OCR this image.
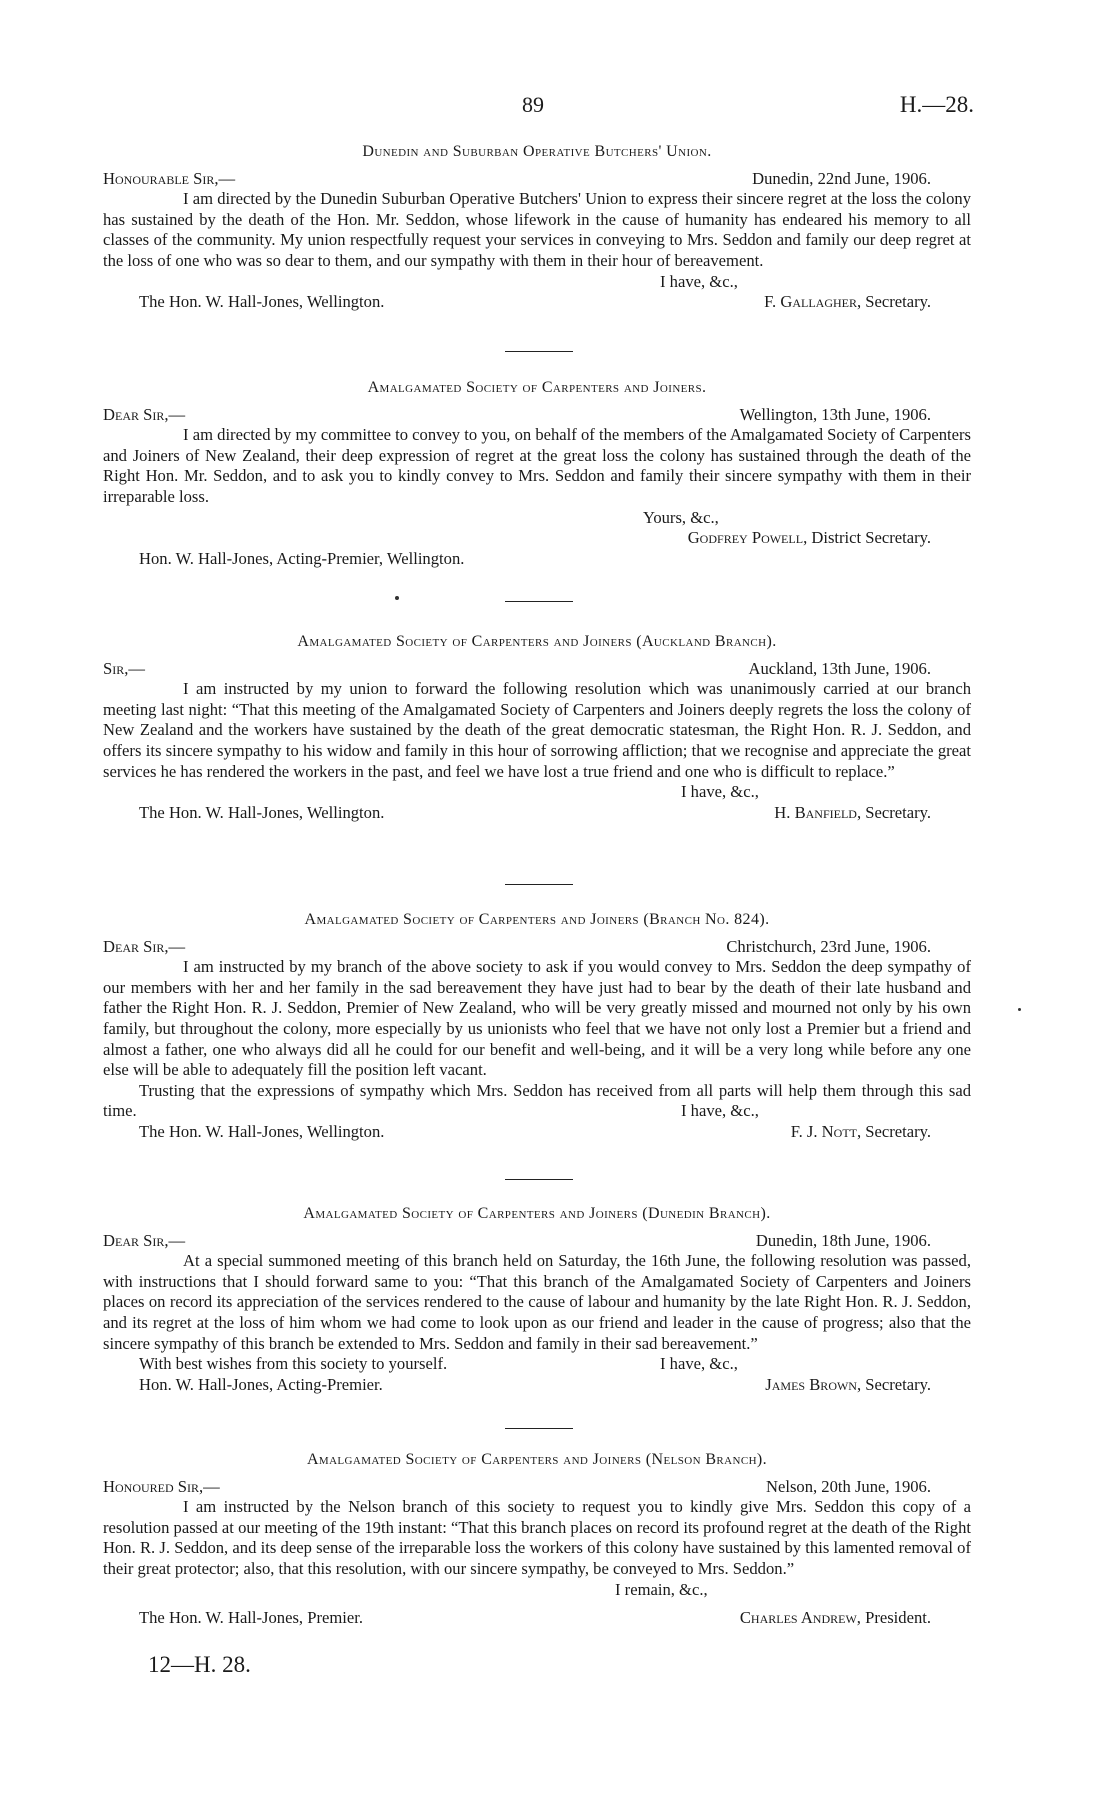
89	H.—28.
Dunedin and Suburban Operative Butchers' Union.
Honourable Sir,—	Dunedin, 22nd June, 1906.

I am directed by the Dunedin Suburban Operative Butchers' Union to express their sincere regret at the loss the colony has sustained by the death of the Hon. Mr. Seddon, whose lifework in the cause of humanity has endeared his memory to all classes of the community. My union respectfully request your services in conveying to Mrs. Seddon and family our deep regret at the loss of one who was so dear to them, and our sympathy with them in their hour of bereavement.

I have, &c.,
The Hon. W. Hall-Jones, Wellington.	F. Gallagher, Secretary.
Amalgamated Society of Carpenters and Joiners.
Dear Sir,—	Wellington, 13th June, 1906.

I am directed by my committee to convey to you, on behalf of the members of the Amalgamated Society of Carpenters and Joiners of New Zealand, their deep expression of regret at the great loss the colony has sustained through the death of the Right Hon. Mr. Seddon, and to ask you to kindly convey to Mrs. Seddon and family their sincere sympathy with them in their irreparable loss.

Yours, &c.,
Godfrey Powell, District Secretary.
Hon. W. Hall-Jones, Acting-Premier, Wellington.
Amalgamated Society of Carpenters and Joiners (Auckland Branch).
Sir,—	Auckland, 13th June, 1906.

I am instructed by my union to forward the following resolution which was unanimously carried at our branch meeting last night: “That this meeting of the Amalgamated Society of Carpenters and Joiners deeply regrets the loss the colony of New Zealand and the workers have sustained by the death of the great democratic statesman, the Right Hon. R. J. Seddon, and offers its sincere sympathy to his widow and family in this hour of sorrowing affliction; that we recognise and appreciate the great services he has rendered the workers in the past, and feel we have lost a true friend and one who is difficult to replace.”

I have, &c.,
The Hon. W. Hall-Jones, Wellington.	H. Banfield, Secretary.
Amalgamated Society of Carpenters and Joiners (Branch No. 824).
Dear Sir,—	Christchurch, 23rd June, 1906.

I am instructed by my branch of the above society to ask if you would convey to Mrs. Seddon the deep sympathy of our members with her and her family in the sad bereavement they have just had to bear by the death of their late husband and father the Right Hon. R. J. Seddon, Premier of New Zealand, who will be very greatly missed and mourned not only by his own family, but throughout the colony, more especially by us unionists who feel that we have not only lost a Premier but a friend and almost a father, one who always did all he could for our benefit and well-being, and it will be a very long while before any one else will be able to adequately fill the position left vacant.

Trusting that the expressions of sympathy which Mrs. Seddon has received from all parts will help them through this sad time.	I have, &c.,
The Hon. W. Hall-Jones, Wellington.	F. J. Nott, Secretary.
Amalgamated Society of Carpenters and Joiners (Dunedin Branch).
Dear Sir,—	Dunedin, 18th June, 1906.

At a special summoned meeting of this branch held on Saturday, the 16th June, the following resolution was passed, with instructions that I should forward same to you: “That this branch of the Amalgamated Society of Carpenters and Joiners places on record its appreciation of the services rendered to the cause of labour and humanity by the late Right Hon. R. J. Seddon, and its regret at the loss of him whom we had come to look upon as our friend and leader in the cause of progress; also that the sincere sympathy of this branch be extended to Mrs. Seddon and family in their sad bereavement.”

With best wishes from this society to yourself.	I have, &c.,
Hon. W. Hall-Jones, Acting-Premier.	James Brown, Secretary.
Amalgamated Society of Carpenters and Joiners (Nelson Branch).
Honoured Sir,—	Nelson, 20th June, 1906.

I am instructed by the Nelson branch of this society to request you to kindly give Mrs. Seddon this copy of a resolution passed at our meeting of the 19th instant: “That this branch places on record its profound regret at the death of the Right Hon. R. J. Seddon, and its deep sense of the irreparable loss the workers of this colony have sustained by this lamented removal of their great protector; also, that this resolution, with our sincere sympathy, be conveyed to Mrs. Seddon.”

I remain, &c.,
The Hon. W. Hall-Jones, Premier.	Charles Andrew, President.
12—H. 28.
